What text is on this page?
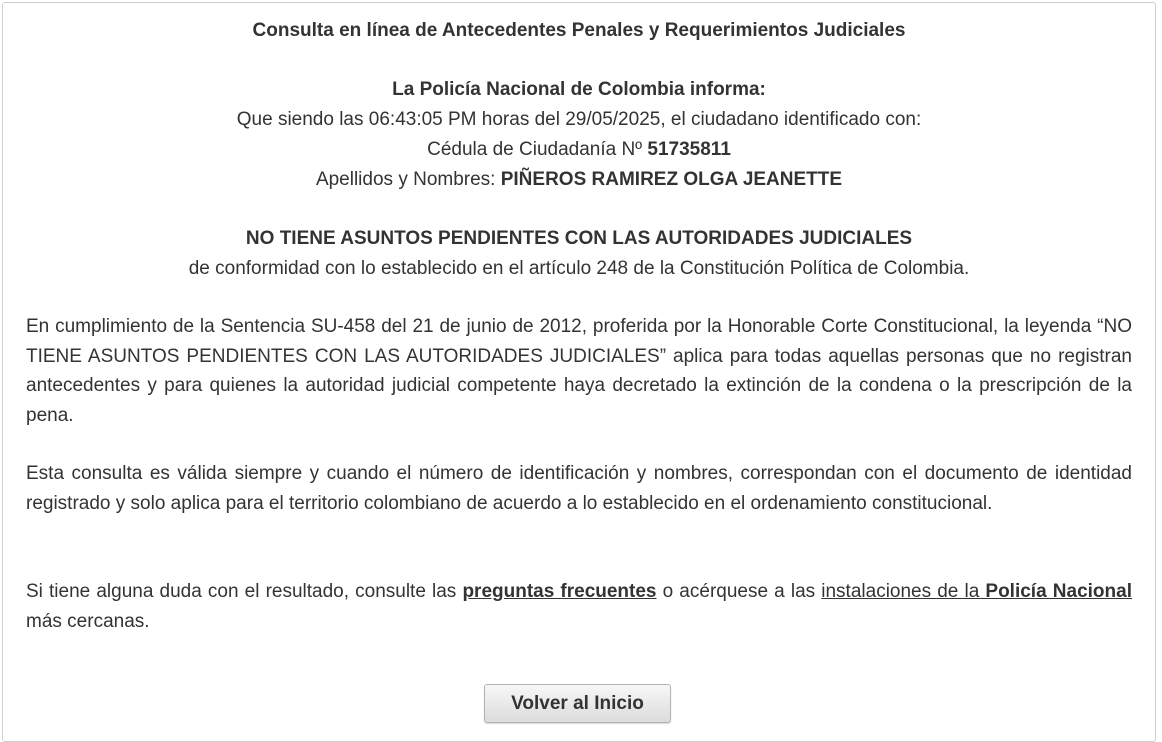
Consulta en línea de Antecedentes Penales y Requerimientos Judiciales
La Policía Nacional de Colombia informa:
Que siendo las 06:43:05 PM horas del 29/05/2025, el ciudadano identificado con:
Cédula de Ciudadanía Nº 51735811
Apellidos y Nombres: PIÑEROS RAMIREZ OLGA JEANETTE
NO TIENE ASUNTOS PENDIENTES CON LAS AUTORIDADES JUDICIALES
de conformidad con lo establecido en el artículo 248 de la Constitución Política de Colombia.
En cumplimiento de la Sentencia SU-458 del 21 de junio de 2012, proferida por la Honorable Corte Constitucional, la leyenda “NO TIENE ASUNTOS PENDIENTES CON LAS AUTORIDADES JUDICIALES” aplica para todas aquellas personas que no registran antecedentes y para quienes la autoridad judicial competente haya decretado la extinción de la condena o la prescripción de la pena.
Esta consulta es válida siempre y cuando el número de identificación y nombres, correspondan con el documento de identidad registrado y solo aplica para el territorio colombiano de acuerdo a lo establecido en el ordenamiento constitucional.
Si tiene alguna duda con el resultado, consulte las preguntas frecuentes o acérquese a las instalaciones de la Policía Nacional más cercanas.
Volver al Inicio
